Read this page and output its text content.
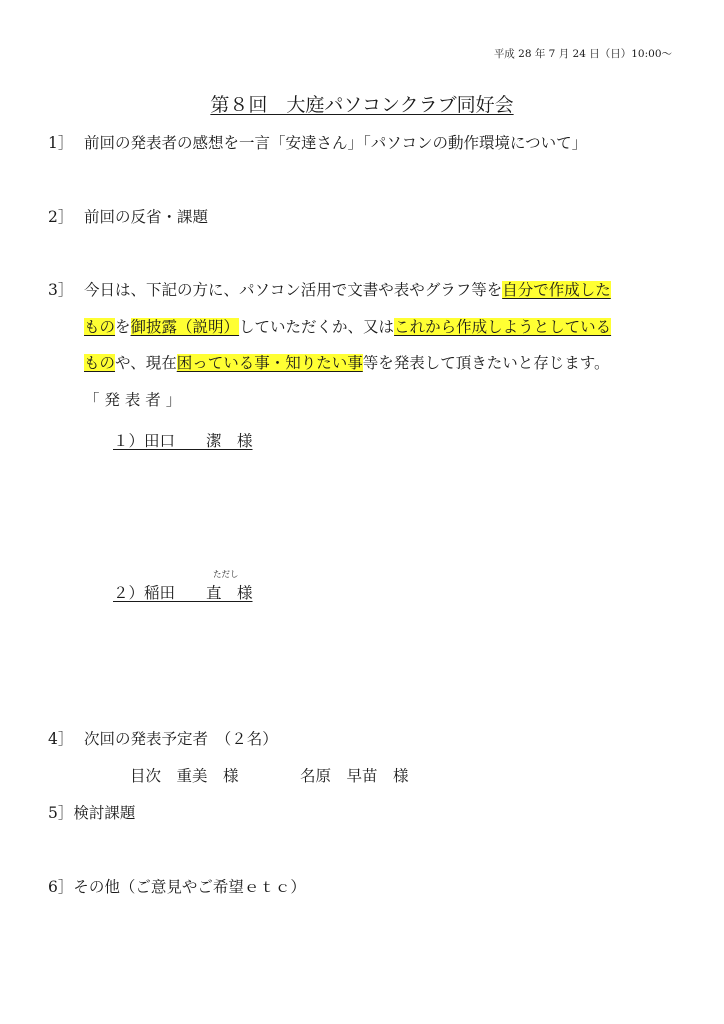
平成 28 年 7 月 24 日（日）10:00～
第８回　大庭パソコンクラブ同好会
1］ 前回の発表者の感想を一言「安達さん」「パソコンの動作環境について」
2］ 前回の反省・課題
3］ 今日は、下記の方に、パソコン活用で文書や表やグラフ等を自分で作成した
ものを御披露（説明）していただくか、又はこれから作成しようとしている
ものや、現在困っている事・知りたい事等を発表して頂きたいと存じます。
「 発 表 者 」
１）田口　　潔　様
ただし
２）稲田　　直　様
4］ 次回の発表予定者　（２名）
目次　重美　様	名原　早苗　様
5］検討課題
6］その他（ご意見やご希望ｅｔｃ）
